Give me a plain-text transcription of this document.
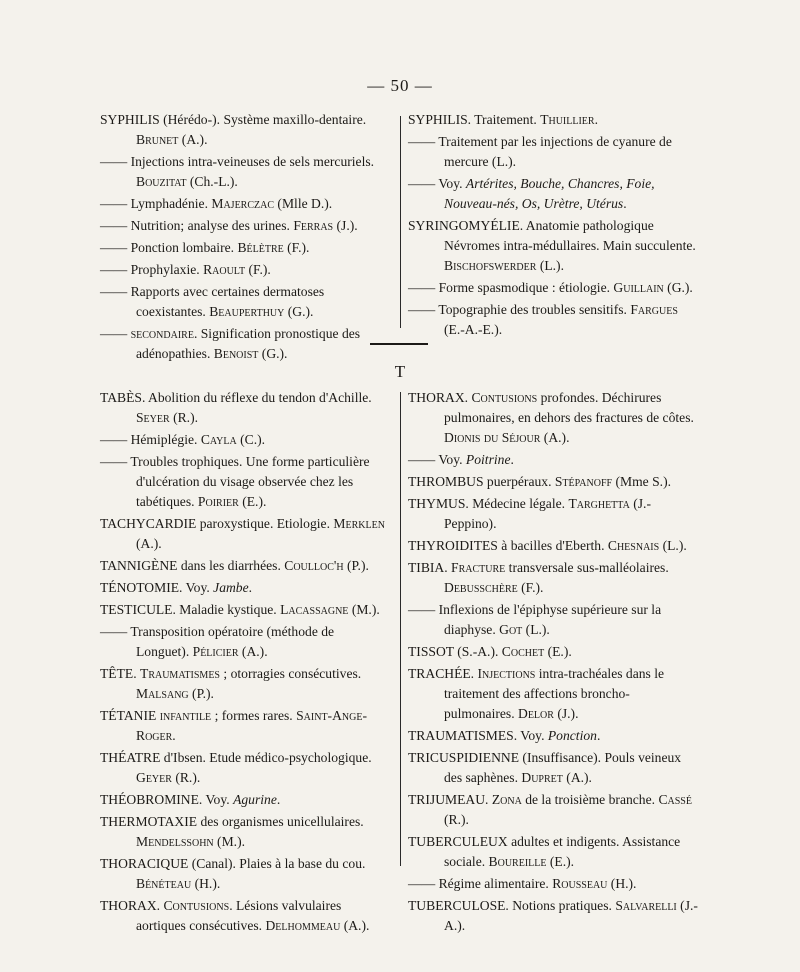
— 50 —
SYPHILIS (Hérédo-). Système maxillo-dentaire. Brunet (A.).
—— Injections intra-veineuses de sels mercuriels. Bouzitat (Ch.-L.).
—— Lymphadénie. Majerczac (Mlle D.).
—— Nutrition; analyse des urines. Ferras (J.).
—— Ponction lombaire. Bélètre (F.).
—— Prophylaxie. Raoult (F.).
—— Rapports avec certaines dermatoses coexistantes. Beauperthuy (G.).
—— secondaire. Signification pronostique des adénopathies. Benoist (G.).
SYPHILIS. Traitement. Thuillier.
—— Traitement par les injections de cyanure de mercure (L.).
—— Voy. Artérites, Bouche, Chancres, Foie, Nouveau-nés, Os, Urètre, Utérus.
SYRINGOMYÉLIE. Anatomie pathologique Névromes intra-médullaires. Main succulente. Bischofswerder (L.).
—— Forme spasmodique : étiologie. Guillain (G.).
—— Topographie des troubles sensitifs. Fargues (E.-A.-E.).
T
TABÈS. Abolition du réflexe du tendon d'Achille. Seyer (R.).
—— Hémiplégie. Cayla (C.).
—— Troubles trophiques. Une forme particulière d'ulcération du visage observée chez les tabétiques. Poirier (E.).
TACHYCARDIE paroxystique. Etiologie. Merklen (A.).
TANNIGÈNE dans les diarrhées. Coulloc'h (P.).
TÉNOTOMIE. Voy. Jambe.
TESTICULE. Maladie kystique. Lacassagne (M.).
—— Transposition opératoire (méthode de Longuet). Pélicier (A.).
TÊTE. Traumatismes ; otorragies consécutives. Malsang (P.).
TÉTANIE infantile ; formes rares. Saint-Ange-Roger.
THÉATRE d'Ibsen. Etude médico-psychologique. Geyer (R.).
THÉOBROMINE. Voy. Agurine.
THERMOTAXIE des organismes unicellulaires. Mendelssohn (M.).
THORACIQUE (Canal). Plaies à la base du cou. Bénéteau (H.).
THORAX. Contusions. Lésions valvulaires aortiques consécutives. Delhommeau (A.).
THORAX. Contusions profondes. Déchirures pulmonaires, en dehors des fractures de côtes. Dionis du Séjour (A.).
—— Voy. Poitrine.
THROMBUS puerpéraux. Stépanoff (Mme S.).
THYMUS. Médecine légale. Targhetta (J.-Peppino).
THYROIDITES à bacilles d'Eberth. Chesnais (L.).
TIBIA. Fracture transversale sus-malléolaires. Debusschère (F.).
—— Inflexions de l'épiphyse supérieure sur la diaphyse. Got (L.).
TISSOT (S.-A.). Cochet (E.).
TRACHÉE. Injections intra-trachéales dans le traitement des affections broncho-pulmonaires. Delor (J.).
TRAUMATISMES. Voy. Ponction.
TRICUSPIDIENNE (Insuffisance). Pouls veineux des saphènes. Dupret (A.).
TRIJUMEAU. Zona de la troisième branche. Cassé (R.).
TUBERCULEUX adultes et indigents. Assistance sociale. Boureille (E.).
—— Régime alimentaire. Rousseau (H.).
TUBERCULOSE. Notions pratiques. Salvarelli (J.-A.).
